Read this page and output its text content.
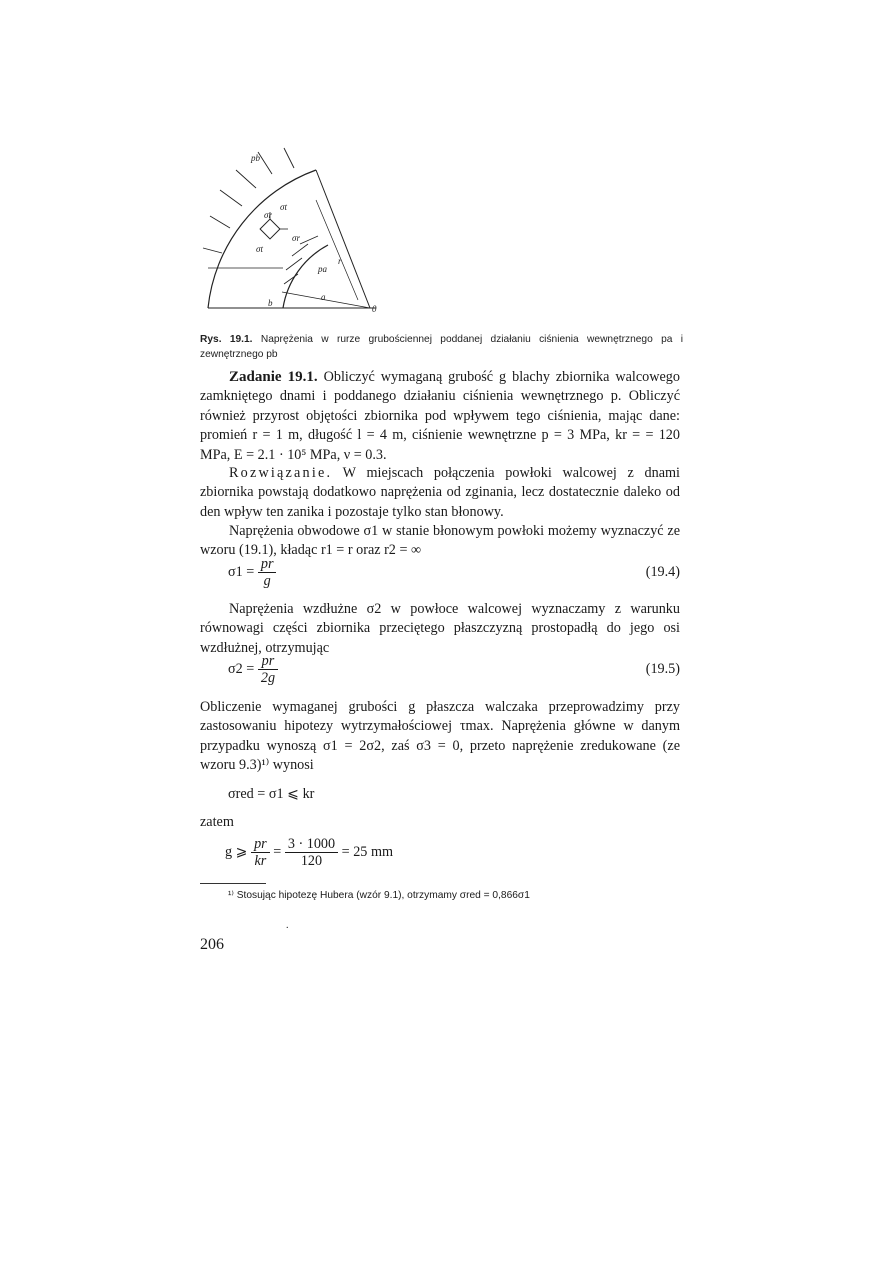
pb
σr
σt
σr
σt
pa
r
b
a
0
Rys. 19.1. Naprężenia w rurze grubościennej poddanej działaniu ciśnienia wewnętrznego pa i zewnętrznego pb

Zadanie 19.1. Obliczyć wymaganą grubość g blachy zbiornika walcowego zamkniętego dnami i poddanego działaniu ciśnienia wewnętrznego p. Obliczyć również przyrost objętości zbiornika pod wpływem tego ciśnienia, mając dane: promień r = 1 m, długość l = 4 m, ciśnienie wewnętrzne p = 3 MPa, kr = = 120 MPa, E = 2.1 · 10⁵ MPa, ν = 0.3.

Rozwiązanie. W miejscach połączenia powłoki walcowej z dnami zbiornika powstają dodatkowo naprężenia od zginania, lecz dostatecznie daleko od den wpływ ten zanika i pozostaje tylko stan błonowy.

Naprężenia obwodowe σ1 w stanie błonowym powłoki możemy wyznaczyć ze wzoru (19.1), kładąc r1 = r oraz r2 = ∞

$\sigma 1 = \frac{pr}{g}$	(19.4)

Naprężenia wzdłużne σ2 w powłoce walcowej wyznaczamy z warunku równowagi części zbiornika przeciętego płaszczyzną prostopadłą do jego osi wzdłużnej, otrzymując

$\sigma 2 = \frac{pr}{2g}$	(19.5)

Obliczenie wymaganej grubości g płaszcza walczaka przeprowadzimy przy zastosowaniu hipotezy wytrzymałościowej τmax. Naprężenia główne w danym przypadku wynoszą σ1 = 2σ2, zaś σ3 = 0, przeto naprężenie zredukowane (ze wzoru 9.3)¹⁾ wynosi

σred = σ1 ⩽ kr
zatem
g ⩾ $\frac{pr}{kr} = \frac{3 \cdot 1000}{120} = 25$ mm
¹⁾ Stosując hipotezę Hubera (wzór 9.1), otrzymamy σred = 0,866σ1
.
206
